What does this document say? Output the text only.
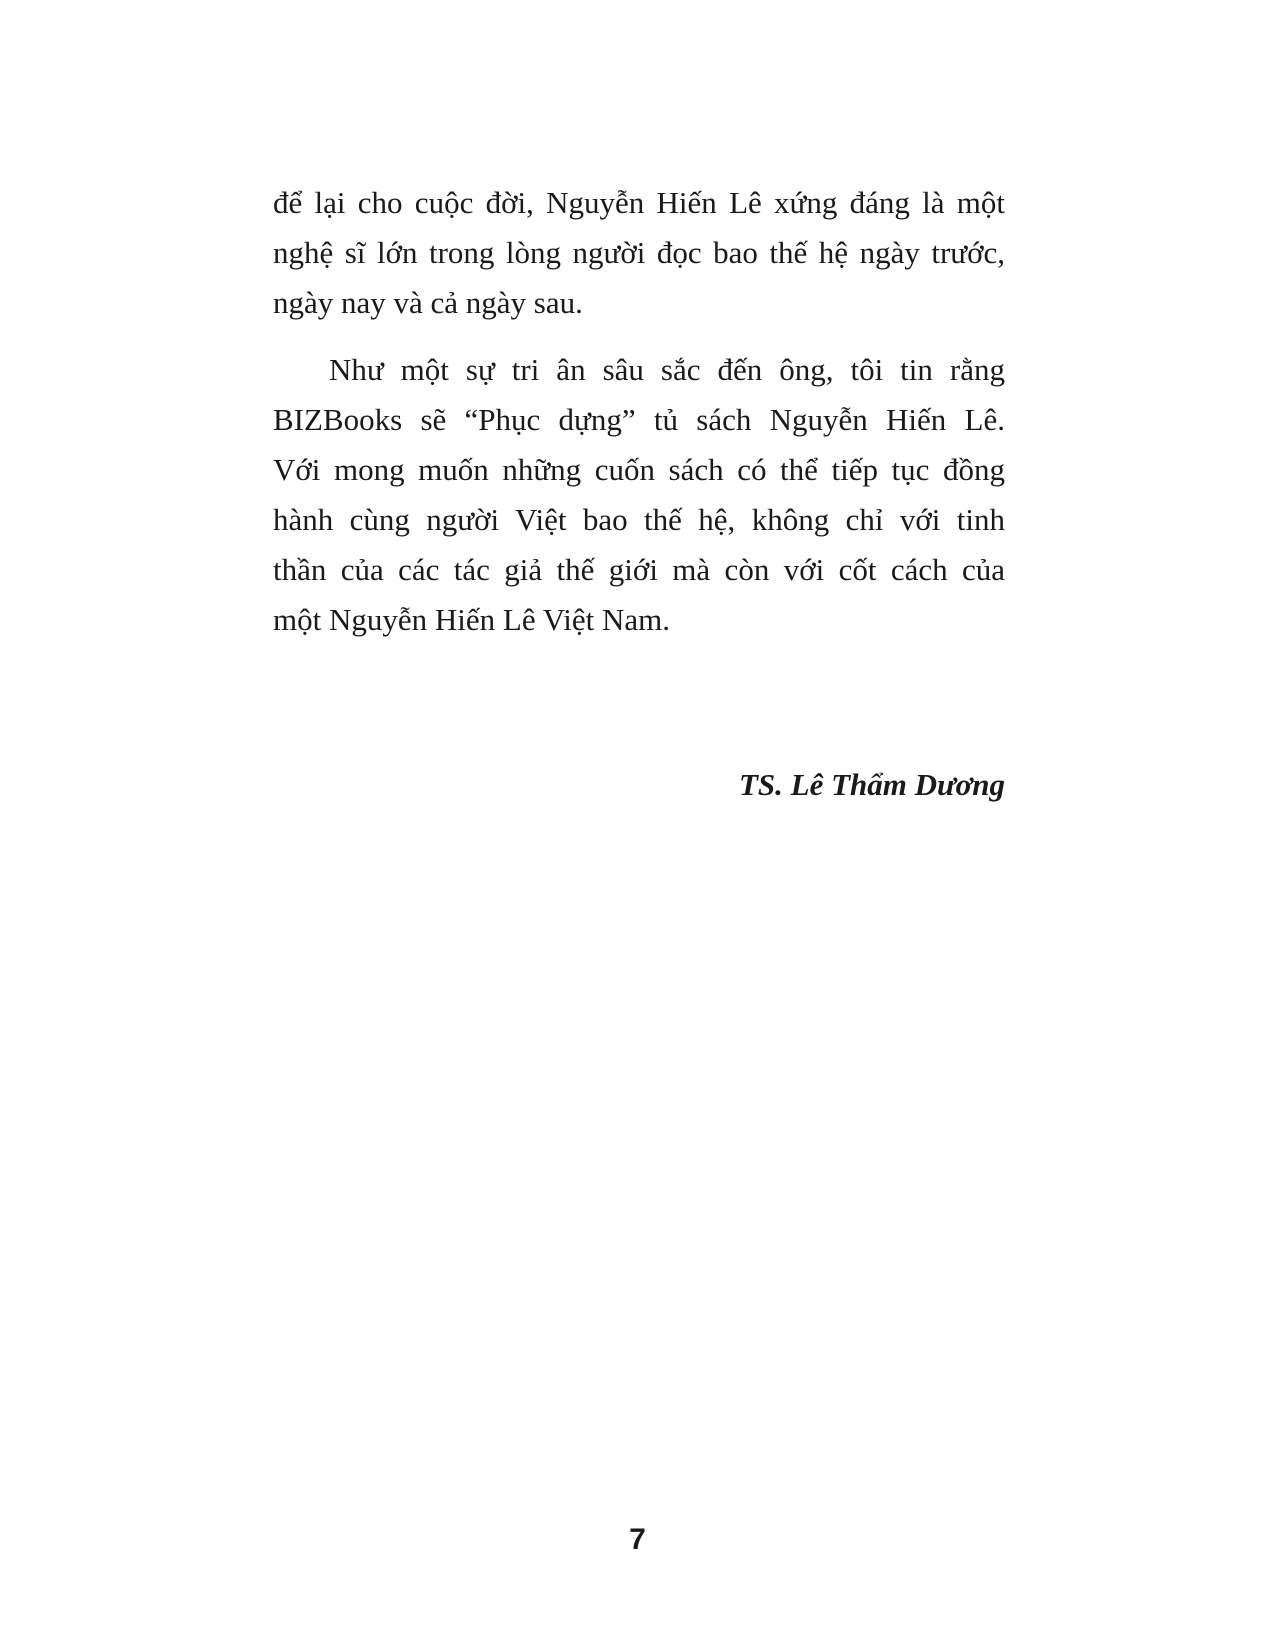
để lại cho cuộc đời, Nguyễn Hiến Lê xứng đáng là một
nghệ sĩ lớn trong lòng người đọc bao thế hệ ngày trước,
ngày nay và cả ngày sau.

Như một sự tri ân sâu sắc đến ông, tôi tin rằng
BIZBooks sẽ “Phục dựng” tủ sách Nguyễn Hiến Lê.
Với mong muốn những cuốn sách có thể tiếp tục đồng
hành cùng người Việt bao thế hệ, không chỉ với tinh
thần của các tác giả thế giới mà còn với cốt cách của
một Nguyễn Hiến Lê Việt Nam.

TS. Lê Thẩm Dương
7
